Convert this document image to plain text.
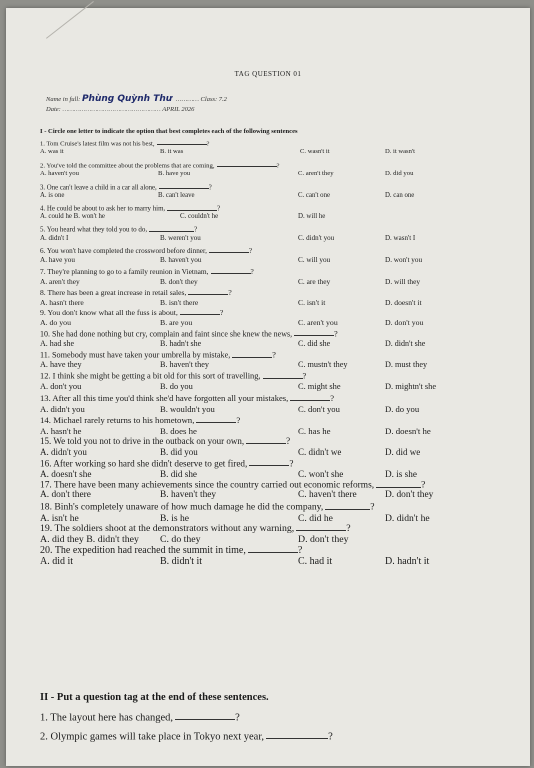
TAG QUESTION 01
Name in full: Phùng Quỳnh Thư ………… Class: 7.2
Date: …………………………………………… APRIL 2026
I - Circle one letter to indicate the option that best completes each of the following sentences
1. Tom Cruise's latest film was not his best,	?
A. was it	B. it was	C. wasn't it	D. it wasn't
2. You've told the committee about the problems that are coming,	?
A. haven't you	B. have you	C. aren't they	D. did you
3. One can't leave a child in a car all alone,	?
A. is one	B. can't leave	C. can't one	D. can one
4. He could be about to ask her to marry him,	?
A. could he B. won't he	C. couldn't he	D. will he
5. You heard what they told you to do,	?
A. didn't I	B. weren't you	C. didn't you	D. wasn't I
6. You won't have completed the crossword before dinner,	?
A. have you	B. haven't you	C. will you	D. won't you
7. They're planning to go to a family reunion in Vietnam,	?
A. aren't they	B. don't they	C. are they	D. will they
8. There has been a great increase in retail sales,	?
A. hasn't there	B. isn't there	C. isn't it	D. doesn't it
9. You don't know what all the fuss is about,	?
A. do you	B. are you	C. aren't you	D. don't you
10. She had done nothing but cry, complain and faint since she knew the news,	?
A. had she	B. hadn't she	C. did she	D. didn't she
11. Somebody must have taken your umbrella by mistake,	?
A. have they	B. haven't they	C. mustn't they	D. must they
12. I think she might be getting a bit old for this sort of travelling,	?
A. don't you	B. do you	C. might she	D. mightn't she
13. After all this time you'd think she'd have forgotten all your mistakes,	?
A. didn't you	B. wouldn't you	C. don't you	D. do you
14. Michael rarely returns to his hometown,	?
A. hasn't he	B. does he	C. has he	D. doesn't he
15. We told you not to drive in the outback on your own,	?
A. didn't you	B. did you	C. didn't we	D. did we
16. After working so hard she didn't deserve to get fired,	?
A. doesn't she	B. did she	C. won't she	D. is she
17. There have been many achievements since the country carried out economic reforms,	?
A. don't there	B. haven't they	C. haven't there	D. don't they
18. Binh's completely unaware of how much damage he did the company,	?
A. isn't he	B. is he	C. did he	D. didn't he
19. The soldiers shoot at the demonstrators without any warning,	?
A. did they B. didn't they C. do they	D. don't they
20. The expedition had reached the summit in time,	?
A. did it	B. didn't it	C. had it	D. hadn't it
II - Put a question tag at the end of these sentences.
1. The layout here has changed,	?
2. Olympic games will take place in Tokyo next year,	?
